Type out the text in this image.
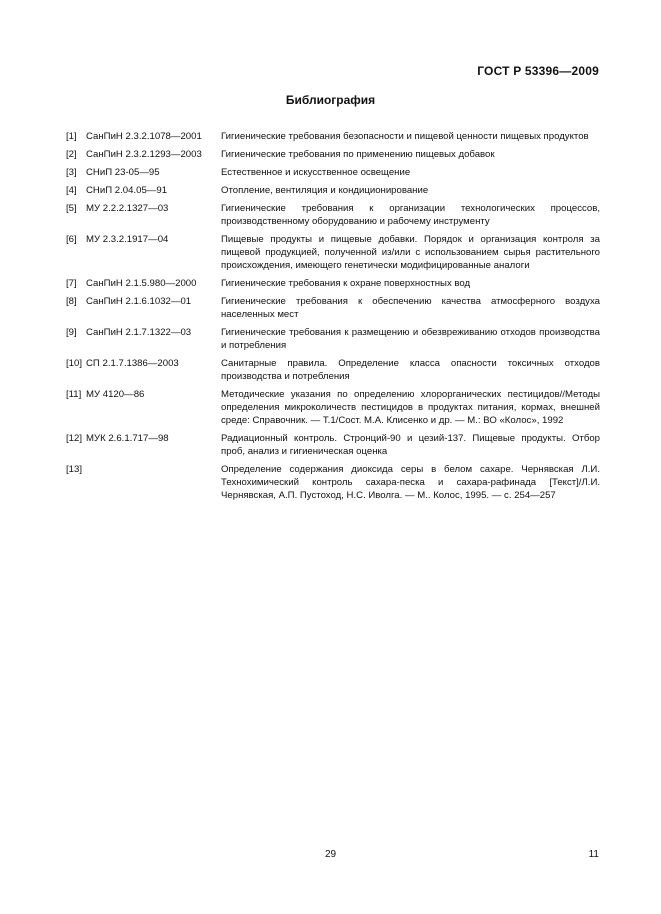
ГОСТ Р 53396—2009
Библиография
[1] СанПиН 2.3.2.1078—2001	Гигиенические требования безопасности и пищевой ценности пищевых продуктов
[2] СанПиН 2.3.2.1293—2003	Гигиенические требования по применению пищевых добавок
[3] СНиП 23-05—95	Естественное и искусственное освещение
[4] СНиП 2.04.05—91	Отопление, вентиляция и кондиционирование
[5] МУ 2.2.2.1327—03	Гигиенические требования к организации технологических процессов, производственному оборудованию и рабочему инструменту
[6] МУ 2.3.2.1917—04	Пищевые продукты и пищевые добавки. Порядок и организация контроля за пищевой продукцией, полученной из/или с использованием сырья растительного происхождения, имеющего генетически модифицированные аналоги
[7] СанПиН 2.1.5.980—2000	Гигиенические требования к охране поверхностных вод
[8] СанПиН 2.1.6.1032—01	Гигиенические требования к обеспечению качества атмосферного воздуха населенных мест
[9] СанПиН 2.1.7.1322—03	Гигиенические требования к размещению и обезвреживанию отходов производства и потребления
[10] СП 2.1.7.1386—2003	Санитарные правила. Определение класса опасности токсичных отходов производства и потребления
[11] МУ 4120—86	Методические указания по определению хлорорганических пестицидов//Методы определения микроколичеств пестицидов в продуктах питания, кормах, внешней среде: Справочник. — Т.1/Сост. М.А. Клисенко и др. — М.: ВО «Колос», 1992
[12] МУК 2.6.1.717—98	Радиационный контроль. Стронций-90 и цезий-137. Пищевые продукты. Отбор проб, анализ и гигиеническая оценка
[13]	Определение содержания диоксида серы в белом сахаре. Чернявская Л.И. Технохимический контроль сахара-песка и сахара-рафинада [Текст]/Л.И. Чернявская, А.П. Пустоход, Н.С. Иволга. — М.. Колос, 1995. — с. 254—257
29	11
